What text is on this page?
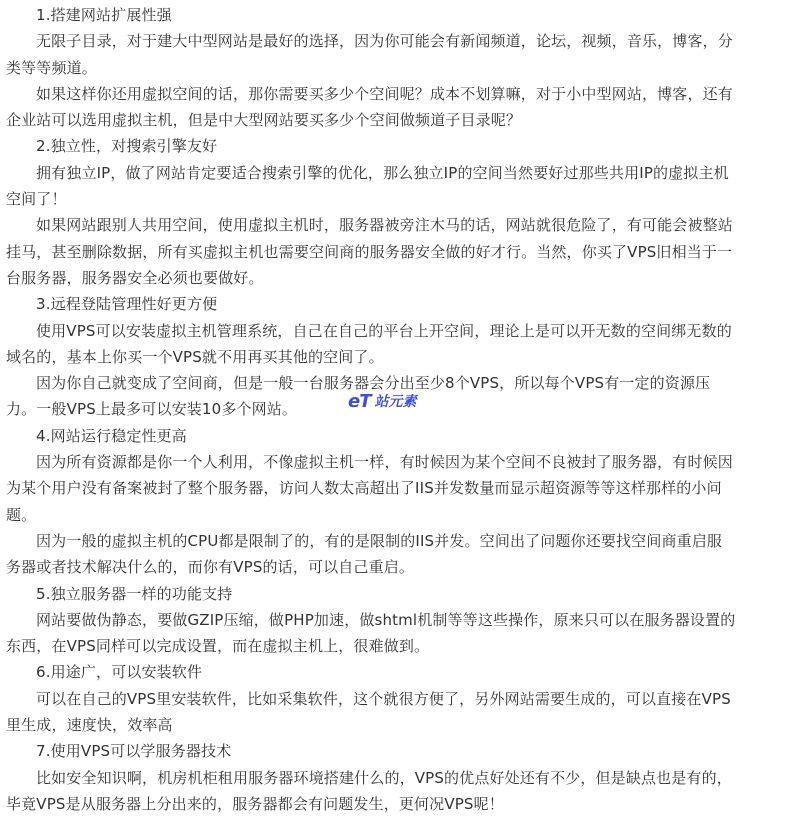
1.搭建网站扩展性强
无限子目录，对于建大中型网站是最好的选择，因为你可能会有新闻频道，论坛，视频，音乐，博客，分
类等等频道。
如果这样你还用虚拟空间的话，那你需要买多少个空间呢？成本不划算嘛，对于小中型网站，博客，还有
企业站可以选用虚拟主机，但是中大型网站要买多少个空间做频道子目录呢？
2.独立性，对搜索引擎友好
拥有独立IP，做了网站肯定要适合搜索引擎的优化，那么独立IP的空间当然要好过那些共用IP的虚拟主机
空间了！
如果网站跟别人共用空间，使用虚拟主机时，服务器被旁注木马的话，网站就很危险了，有可能会被整站
挂马，甚至删除数据，所有买虚拟主机也需要空间商的服务器安全做的好才行。当然，你买了VPS旧相当于一
台服务器，服务器安全必须也要做好。
3.远程登陆管理性好更方便
使用VPS可以安装虚拟主机管理系统，自己在自己的平台上开空间，理论上是可以开无数的空间绑无数的
域名的，基本上你买一个VPS就不用再买其他的空间了。
因为你自己就变成了空间商，但是一般一台服务器会分出至少8个VPS，所以每个VPS有一定的资源压
力。一般VPS上最多可以安装10多个网站。
4.网站运行稳定性更高
因为所有资源都是你一个人利用，不像虚拟主机一样，有时候因为某个空间不良被封了服务器，有时候因
为某个用户没有备案被封了整个服务器，访问人数太高超出了IIS并发数量而显示超资源等等这样那样的小问
题。
因为一般的虚拟主机的CPU都是限制了的，有的是限制的IIS并发。空间出了问题你还要找空间商重启服
务器或者技术解决什么的，而你有VPS的话，可以自己重启。
5.独立服务器一样的功能支持
网站要做伪静态，要做GZIP压缩，做PHP加速，做shtml机制等等这些操作，原来只可以在服务器设置的
东西，在VPS同样可以完成设置，而在虚拟主机上，很难做到。
6.用途广，可以安装软件
可以在自己的VPS里安装软件，比如采集软件，这个就很方便了，另外网站需要生成的，可以直接在VPS
里生成，速度快，效率高
7.使用VPS可以学服务器技术
比如安全知识啊，机房机柜租用服务器环境搭建什么的，VPS的优点好处还有不少，但是缺点也是有的，
毕竟VPS是从服务器上分出来的，服务器都会有问题发生，更何况VPS呢！
eT 站元素
